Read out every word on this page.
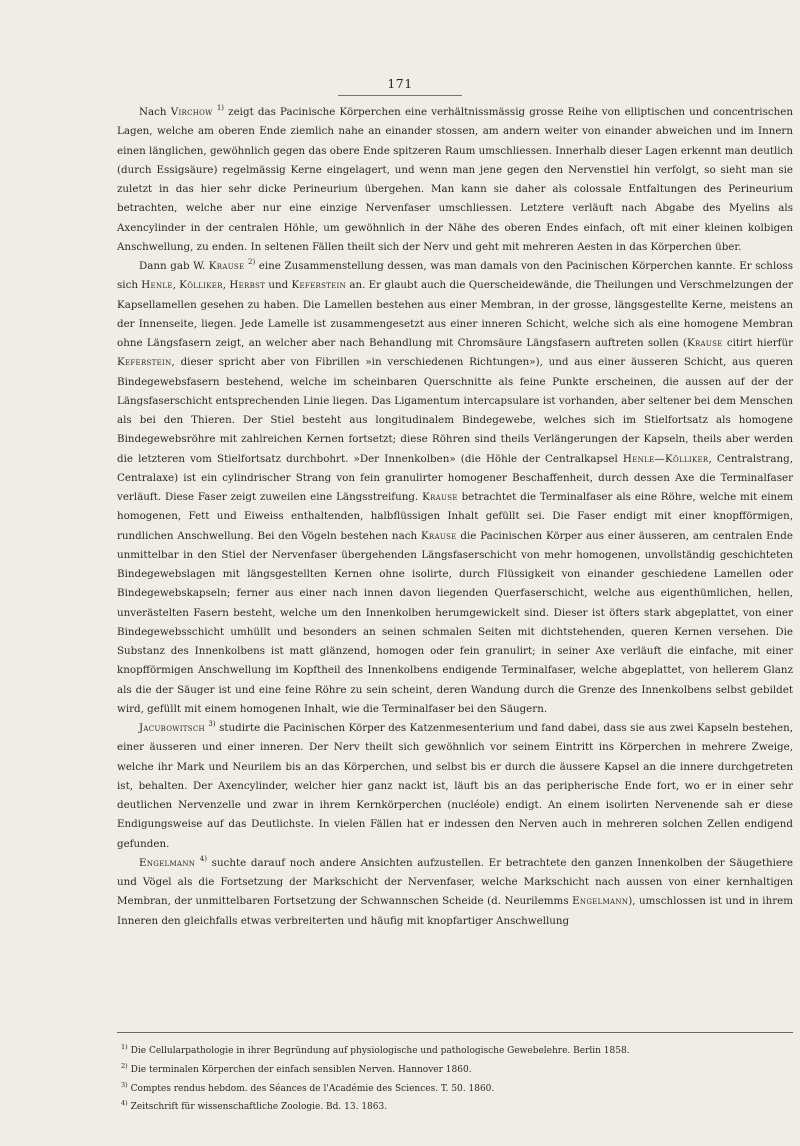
171

Nach Virchow $^{1)}$ zeigt das Pacinische Körperchen eine verhältnissmässig grosse Reihe von elliptischen und concentrischen Lagen, welche am oberen Ende ziemlich nahe an einander stossen, am andern weiter von einander abweichen und im Innern einen länglichen, gewöhnlich gegen das obere Ende spitzeren Raum umschliessen. Innerhalb dieser Lagen erkennt man deutlich (durch Essigsäure) regelmässig Kerne eingelagert, und wenn man jene gegen den Nervenstiel hin verfolgt, so sieht man sie zuletzt in das hier sehr dicke Perineurium übergehen. Man kann sie daher als colossale Entfaltungen des Perineurium betrachten, welche aber nur eine einzige Nervenfaser umschliessen. Letztere verläuft nach Abgabe des Myelins als Axencylinder in der centralen Höhle, um gewöhnlich in der Nähe des oberen Endes einfach, oft mit einer kleinen kolbigen Anschwellung, zu enden. In seltenen Fällen theilt sich der Nerv und geht mit mehreren Aesten in das Körperchen über.

Dann gab W. Krause $^{2)}$ eine Zusammenstellung dessen, was man damals von den Pacinischen Körperchen kannte. Er schloss sich Henle, Kölliker, Herbst und Keferstein an. Er glaubt auch die Querscheidewände, die Theilungen und Verschmelzungen der Kapsellamellen gesehen zu haben. Die Lamellen bestehen aus einer Membran, in der grosse, längsgestellte Kerne, meistens an der Innenseite, liegen. Jede Lamelle ist zusammengesetzt aus einer inneren Schicht, welche sich als eine homogene Membran ohne Längsfasern zeigt, an welcher aber nach Behandlung mit Chromsäure Längsfasern auftreten sollen (Krause citirt hierfür Keferstein, dieser spricht aber von Fibrillen »in verschiedenen Richtungen»), und aus einer äusseren Schicht, aus queren Bindegewebsfasern bestehend, welche im scheinbaren Querschnitte als feine Punkte erscheinen, die aussen auf der der Längsfaserschicht entsprechenden Linie liegen. Das Ligamentum intercapsulare ist vorhanden, aber seltener bei dem Menschen als bei den Thieren. Der Stiel besteht aus longitudinalem Bindegewebe, welches sich im Stielfortsatz als homogene Bindegewebsröhre mit zahlreichen Kernen fortsetzt; diese Röhren sind theils Verlängerungen der Kapseln, theils aber werden die letzteren vom Stielfortsatz durchbohrt. »Der Innenkolben» (die Höhle der Centralkapsel Henle—Kölliker, Centralstrang, Centralaxe) ist ein cylindrischer Strang von fein granulirter homogener Beschaffenheit, durch dessen Axe die Terminalfaser verläuft. Diese Faser zeigt zuweilen eine Längsstreifung. Krause betrachtet die Terminalfaser als eine Röhre, welche mit einem homogenen, Fett und Eiweiss enthaltenden, halbflüssigen Inhalt gefüllt sei. Die Faser endigt mit einer knopfförmigen, rundlichen Anschwellung. Bei den Vögeln bestehen nach Krause die Pacinischen Körper aus einer äusseren, am centralen Ende unmittelbar in den Stiel der Nervenfaser übergehenden Längsfaserschicht von mehr homogenen, unvollständig geschichteten Bindegewebslagen mit längsgestellten Kernen ohne isolirte, durch Flüssigkeit von einander geschiedene Lamellen oder Bindegewebskapseln; ferner aus einer nach innen davon liegenden Querfaserschicht, welche aus eigenthümlichen, hellen, unverästelten Fasern besteht, welche um den Innenkolben herumgewickelt sind. Dieser ist öfters stark abgeplattet, von einer Bindegewebsschicht umhüllt und besonders an seinen schmalen Seiten mit dichtstehenden, queren Kernen versehen. Die Substanz des Innenkolbens ist matt glänzend, homogen oder fein granulirt; in seiner Axe verläuft die einfache, mit einer knopfförmigen Anschwellung im Kopftheil des Innenkolbens endigende Terminalfaser, welche abgeplattet, von hellerem Glanz als die der Säuger ist und eine feine Röhre zu sein scheint, deren Wandung durch die Grenze des Innenkolbens selbst gebildet wird, gefüllt mit einem homogenen Inhalt, wie die Terminalfaser bei den Säugern.

Jacubowitsch $^{3)}$ studirte die Pacinischen Körper des Katzenmesenterium und fand dabei, dass sie aus zwei Kapseln bestehen, einer äusseren und einer inneren. Der Nerv theilt sich gewöhnlich vor seinem Eintritt ins Körperchen in mehrere Zweige, welche ihr Mark und Neurilem bis an das Körperchen, und selbst bis er durch die äussere Kapsel an die innere durchgetreten ist, behalten. Der Axencylinder, welcher hier ganz nackt ist, läuft bis an das peripherische Ende fort, wo er in einer sehr deutlichen Nervenzelle und zwar in ihrem Kernkörperchen (nucléole) endigt. An einem isolirten Nervenende sah er diese Endigungsweise auf das Deutlichste. In vielen Fällen hat er indessen den Nerven auch in mehreren solchen Zellen endigend gefunden.

Engelmann $^{4)}$ suchte darauf noch andere Ansichten aufzustellen. Er betrachtete den ganzen Innenkolben der Säugethiere und Vögel als die Fortsetzung der Markschicht der Nervenfaser, welche Markschicht nach aussen von einer kernhaltigen Membran, der unmittelbaren Fortsetzung der Schwannschen Scheide (d. Neurilemms Engelmann), umschlossen ist und in ihrem Inneren den gleichfalls etwas verbreiterten und häufig mit knopfartiger Anschwellung

$^{1)}$ Die Cellularpathologie in ihrer Begründung auf physiologische und pathologische Gewebelehre. Berlin 1858.

$^{2)}$ Die terminalen Körperchen der einfach sensiblen Nerven. Hannover 1860.

$^{3)}$ Comptes rendus hebdom. des Séances de l'Académie des Sciences. T. 50. 1860.

$^{4)}$ Zeitschrift für wissenschaftliche Zoologie. Bd. 13. 1863.
